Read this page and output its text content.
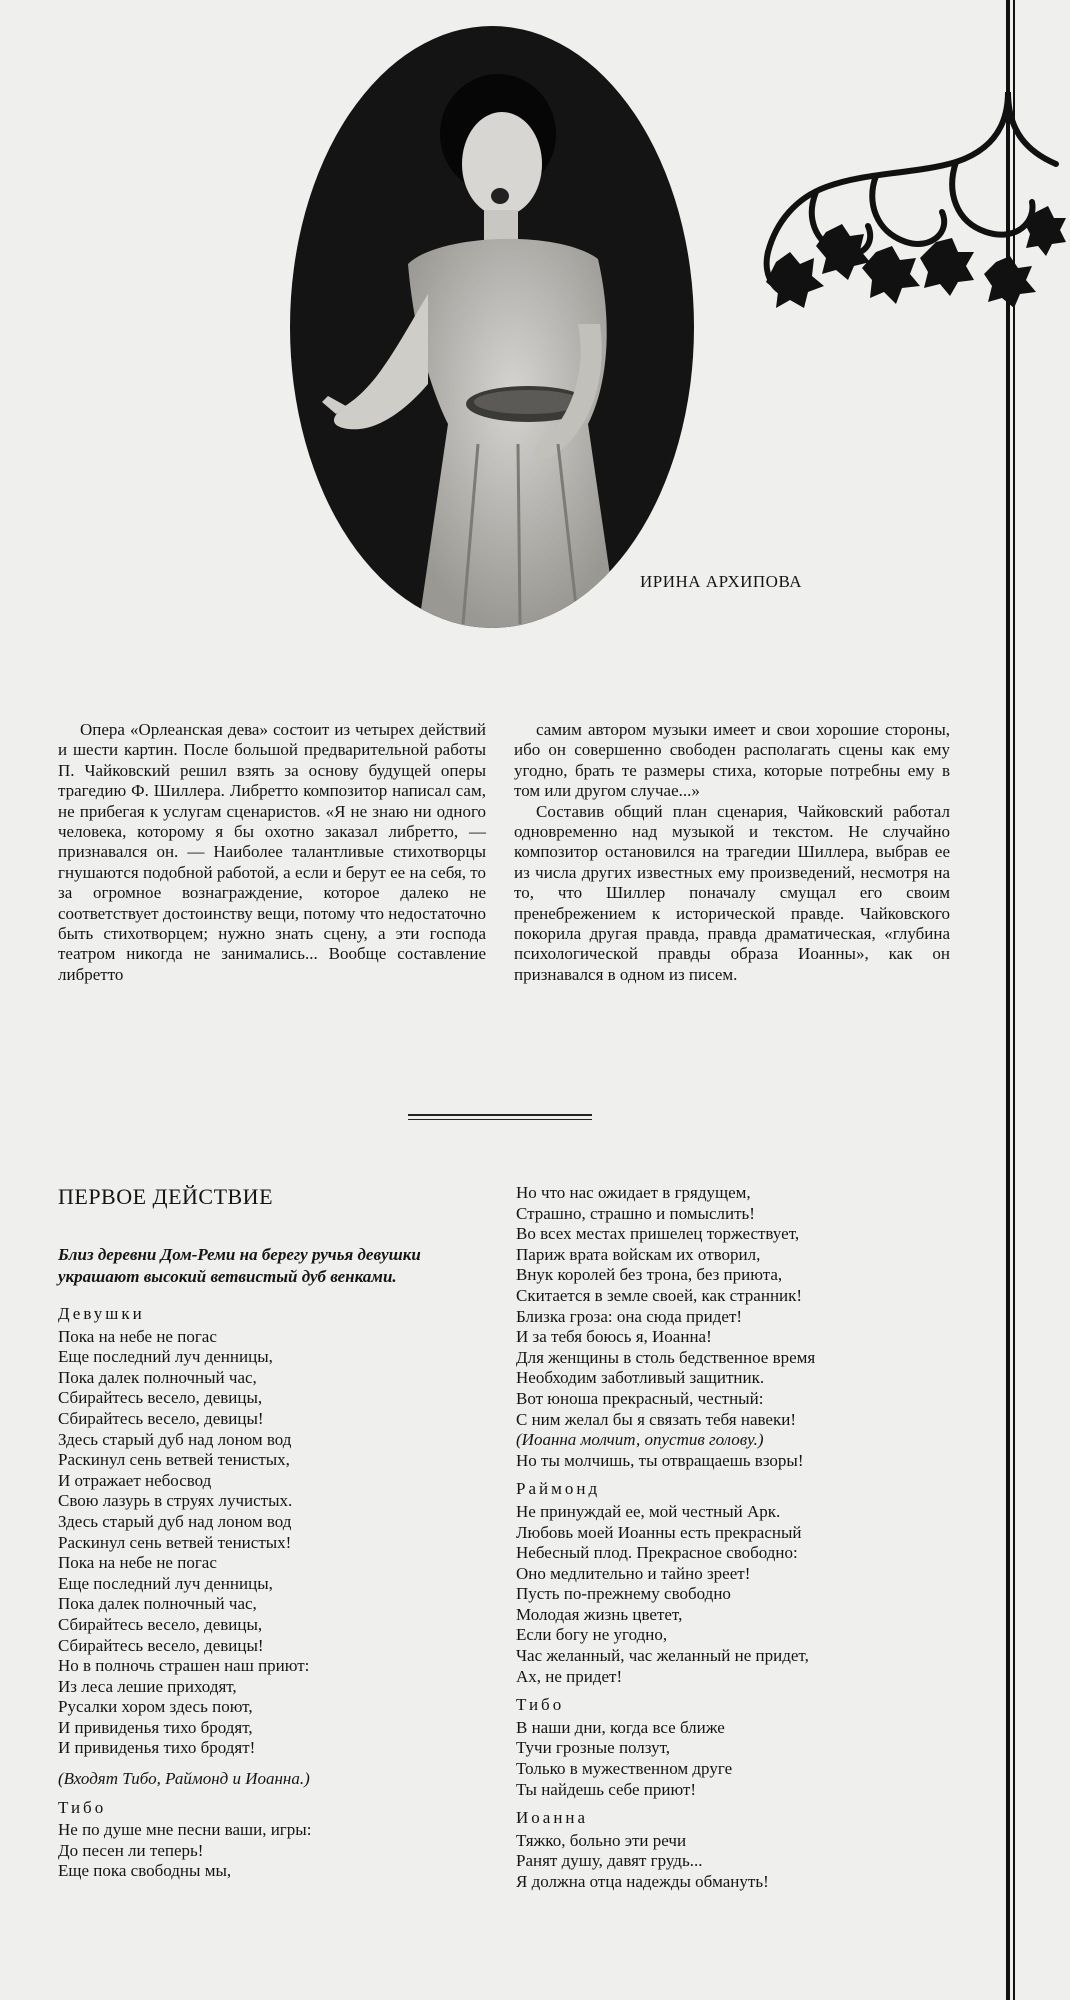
ИРИНА АРХИПОВА

Опера «Орлеанская дева» состоит из четырех действий и шести картин. После большой предварительной работы П. Чайковский решил взять за основу будущей оперы трагедию Ф. Шиллера. Либретто композитор написал сам, не прибегая к услугам сценаристов. «Я не знаю ни одного человека, которому я бы охотно заказал либретто, — признавался он. — Наиболее талантливые стихотворцы гнушаются подобной работой, а если и берут ее на себя, то за огромное вознаграждение, которое далеко не соответствует достоинству вещи, потому что недостаточно быть стихотворцем; нужно знать сцену, а эти господа театром никогда не занимались... Вообще составление либретто

самим автором музыки имеет и свои хорошие стороны, ибо он совершенно свободен располагать сцены как ему угодно, брать те размеры стиха, которые потребны ему в том или другом случае...»

Составив общий план сценария, Чайковский работал одновременно над музыкой и текстом. Не случайно композитор остановился на трагедии Шиллера, выбрав ее из числа других известных ему произведений, несмотря на то, что Шиллер поначалу смущал его своим пренебрежением к исторической правде. Чайковского покорила другая правда, правда драматическая, «глубина психологической правды образа Иоанны», как он признавался в одном из писем.

ПЕРВОЕ ДЕЙСТВИЕ
Близ деревни Дом-Реми на берегу ручья девушки украшают высокий ветвистый дуб венками.
Девушки
Пока на небе не погас
Еще последний луч денницы,
Пока далек полночный час,
Сбирайтесь весело, девицы,
Сбирайтесь весело, девицы!
Здесь старый дуб над лоном вод
Раскинул сень ветвей тенистых,
И отражает небосвод
Свою лазурь в струях лучистых.
Здесь старый дуб над лоном вод
Раскинул сень ветвей тенистых!
Пока на небе не погас
Еще последний луч денницы,
Пока далек полночный час,
Сбирайтесь весело, девицы,
Сбирайтесь весело, девицы!
Но в полночь страшен наш приют:
Из леса лешие приходят,
Русалки хором здесь поют,
И привиденья тихо бродят,
И привиденья тихо бродят!
(Входят Тибо, Раймонд и Иоанна.)
Тибо
Не по душе мне песни ваши, игры:
До песен ли теперь!
Еще пока свободны мы,
Но что нас ожидает в грядущем,
Страшно, страшно и помыслить!
Во всех местах пришелец торжествует,
Париж врата войскам их отворил,
Внук королей без трона, без приюта,
Скитается в земле своей, как странник!
Близка гроза: она сюда придет!
И за тебя боюсь я, Иоанна!
Для женщины в столь бедственное время
Необходим заботливый защитник.
Вот юноша прекрасный, честный:
С ним желал бы я связать тебя навеки!
(Иоанна молчит, опустив голову.)
Но ты молчишь, ты отвращаешь взоры!
Раймонд
Не принуждай ее, мой честный Арк.
Любовь моей Иоанны есть прекрасный
Небесный плод. Прекрасное свободно:
Оно медлительно и тайно зреет!
Пусть по-прежнему свободно
Молодая жизнь цветет,
Если богу не угодно,
Час желанный, час желанный не придет,
Ах, не придет!
Тибо
В наши дни, когда все ближе
Тучи грозные ползут,
Только в мужественном друге
Ты найдешь себе приют!
Иоанна
Тяжко, больно эти речи
Ранят душу, давят грудь...
Я должна отца надежды обмануть!
